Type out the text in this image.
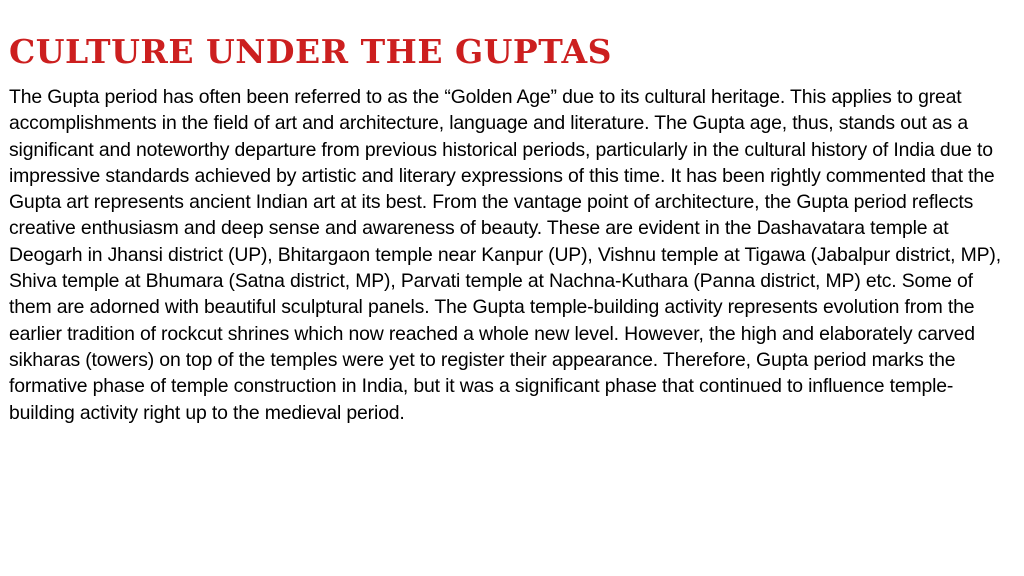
CULTURE UNDER THE GUPTAS

The Gupta period has often been referred to as the “Golden Age” due to its cultural heritage. This applies to great accomplishments in the field of art and architecture, language and literature. The Gupta age, thus, stands out as a significant and noteworthy departure from previous historical periods, particularly in the cultural history of India due to impressive standards achieved by artistic and literary expressions of this time. It has been rightly commented that the Gupta art represents ancient Indian art at its best. From the vantage point of architecture, the Gupta period reflects creative enthusiasm and deep sense and awareness of beauty. These are evident in the Dashavatara temple at Deogarh in Jhansi district (UP), Bhitargaon temple near Kanpur (UP), Vishnu temple at Tigawa (Jabalpur district, MP), Shiva temple at Bhumara (Satna district, MP), Parvati temple at Nachna-Kuthara (Panna district, MP) etc. Some of them are adorned with beautiful sculptural panels. The Gupta temple-building activity represents evolution from the earlier tradition of rockcut shrines which now reached a whole new level. However, the high and elaborately carved sikharas (towers) on top of the temples were yet to register their appearance. Therefore, Gupta period marks the formative phase of temple construction in India, but it was a significant phase that continued to influence temple-building activity right up to the medieval period.
